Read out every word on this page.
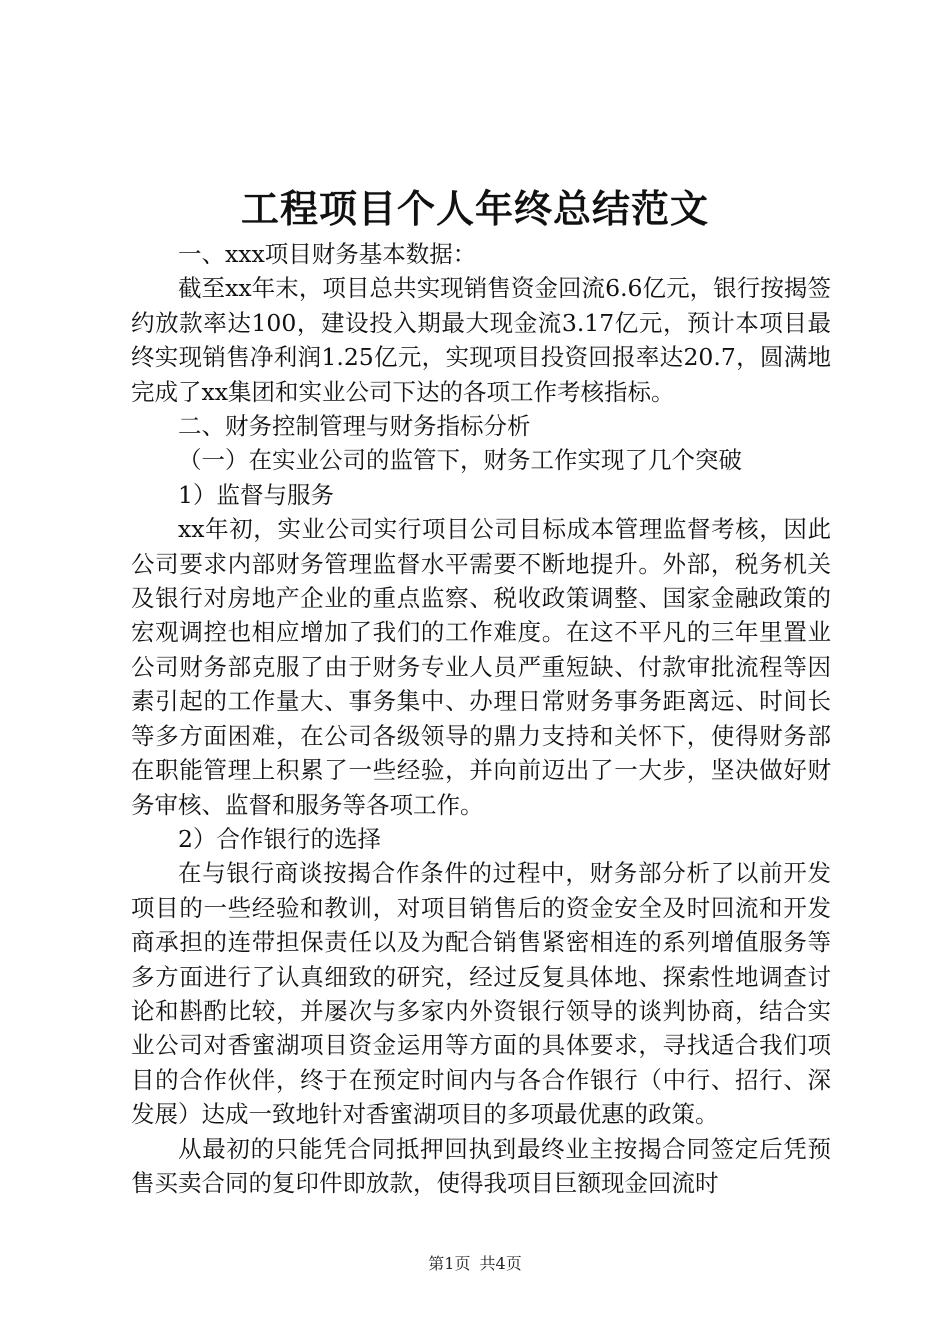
工程项目个人年终总结范文

一、xxx项目财务基本数据：

截至xx年末，项目总共实现销售资金回流6.6亿元，银行按揭签约放款率达100，建设投入期最大现金流3.17亿元，预计本项目最终实现销售净利润1.25亿元，实现项目投资回报率达20.7，圆满地完成了xx集团和实业公司下达的各项工作考核指标。

二、财务控制管理与财务指标分析

（一）在实业公司的监管下，财务工作实现了几个突破

1）监督与服务

xx年初，实业公司实行项目公司目标成本管理监督考核，因此公司要求内部财务管理监督水平需要不断地提升。外部，税务机关及银行对房地产企业的重点监察、税收政策调整、国家金融政策的宏观调控也相应增加了我们的工作难度。在这不平凡的三年里置业公司财务部克服了由于财务专业人员严重短缺、付款审批流程等因素引起的工作量大、事务集中、办理日常财务事务距离远、时间长等多方面困难，在公司各级领导的鼎力支持和关怀下，使得财务部在职能管理上积累了一些经验，并向前迈出了一大步，坚决做好财务审核、监督和服务等各项工作。

2）合作银行的选择

在与银行商谈按揭合作条件的过程中，财务部分析了以前开发项目的一些经验和教训，对项目销售后的资金安全及时回流和开发商承担的连带担保责任以及为配合销售紧密相连的系列增值服务等多方面进行了认真细致的研究，经过反复具体地、探索性地调查讨论和斟酌比较，并屡次与多家内外资银行领导的谈判协商，结合实业公司对香蜜湖项目资金运用等方面的具体要求，寻找适合我们项目的合作伙伴，终于在预定时间内与各合作银行（中行、招行、深发展）达成一致地针对香蜜湖项目的多项最优惠的政策。

从最初的只能凭合同抵押回执到最终业主按揭合同签定后凭预售买卖合同的复印件即放款，使得我项目巨额现金回流时

第1页 共4页
